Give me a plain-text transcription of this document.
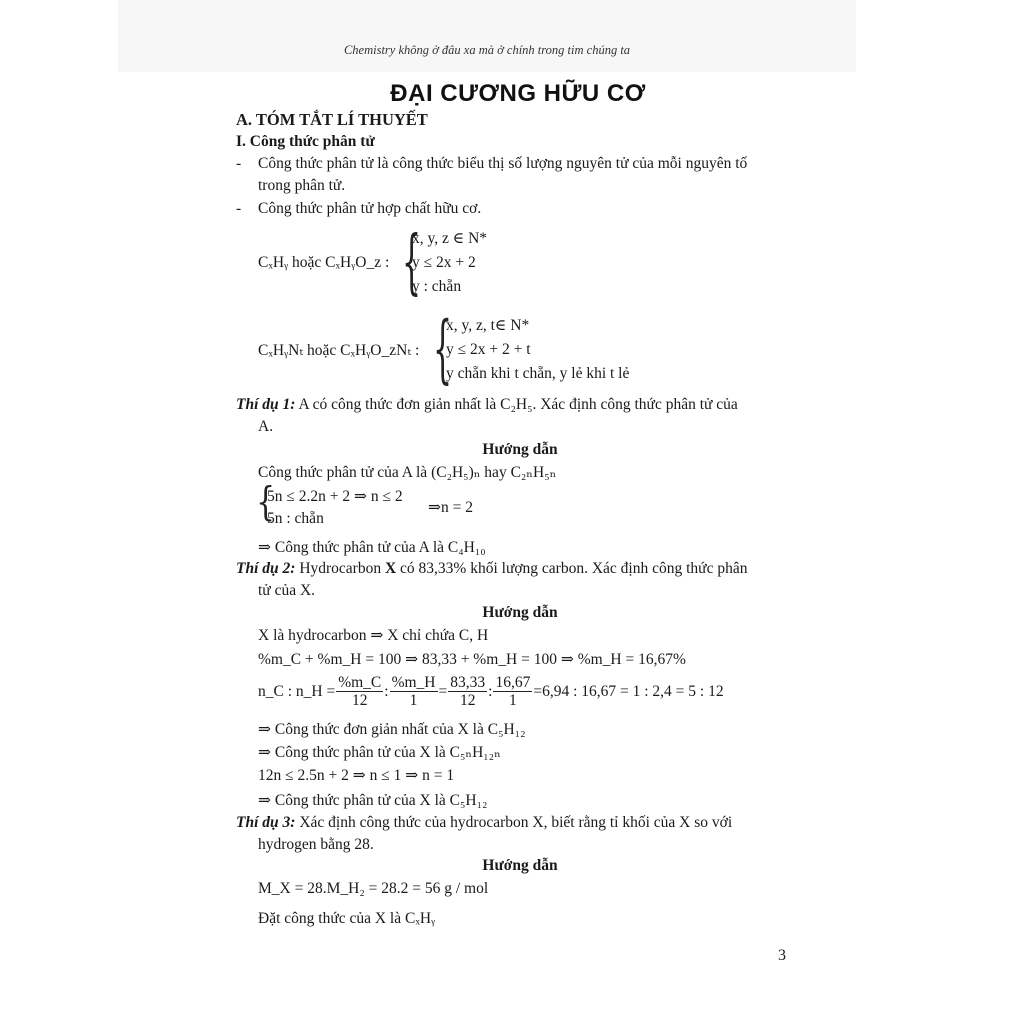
Chemistry không ở đâu xa mà ở chính trong tim chúng ta
ĐẠI CƯƠNG HỮU CƠ
A. TÓM TẮT LÍ THUYẾT
I. Công thức phân tử
- Công thức phân tử là công thức biểu thị số lượng nguyên tử của mỗi nguyên tố
trong phân tử.
- Công thức phân tử hợp chất hữu cơ.
CₓHᵧ hoặc CₓHᵧO_z : {
x, y, z ∈ N*
y ≤ 2x + 2
y : chẵn
CₓHᵧNₜ hoặc CₓHᵧO_zNₜ : {
x, y, z, t∈ N*
y ≤ 2x + 2 + t
y chẵn khi t chẵn, y lẻ khi t lẻ
Thí dụ 1: A có công thức đơn giản nhất là C₂H₅. Xác định công thức phân tử của
A.
Hướng dẫn
Công thức phân tử của A là (C₂H₅)ₙ hay C₂ₙH₅ₙ
{
5n ≤ 2.2n + 2 ⇒ n ≤ 2
5n : chẵn
⇒n = 2
⇒ Công thức phân tử của A là C₄H₁₀
Thí dụ 2: Hydrocarbon X có 83,33% khối lượng carbon. Xác định công thức phân
tử của X.
Hướng dẫn
X là hydrocarbon ⇒ X chỉ chứa C, H
%m_C + %m_H = 100 ⇒ 83,33 + %m_H = 100 ⇒ %m_H = 16,67%
n_C : n_H = $\frac{\%m\_C}{12}$ : $\frac{\%m\_H}{1} = \frac{83,33}{12}$ : $\frac{16,67}{1} =6,94$ : 16,67 = 1 : 2,4 = 5 : 12
⇒ Công thức đơn giản nhất của X là C₅H₁₂
⇒ Công thức phân tử của X là C₅ₙH₁₂ₙ
12n ≤ 2.5n + 2 ⇒ n ≤ 1 ⇒ n = 1
⇒ Công thức phân tử của X là C₅H₁₂
Thí dụ 3: Xác định công thức của hydrocarbon X, biết rằng tỉ khối của X so với
hydrogen bằng 28.
Hướng dẫn
M_X = 28.M_H₂ = 28.2 = 56 g / mol
Đặt công thức của X là CₓHᵧ
3
